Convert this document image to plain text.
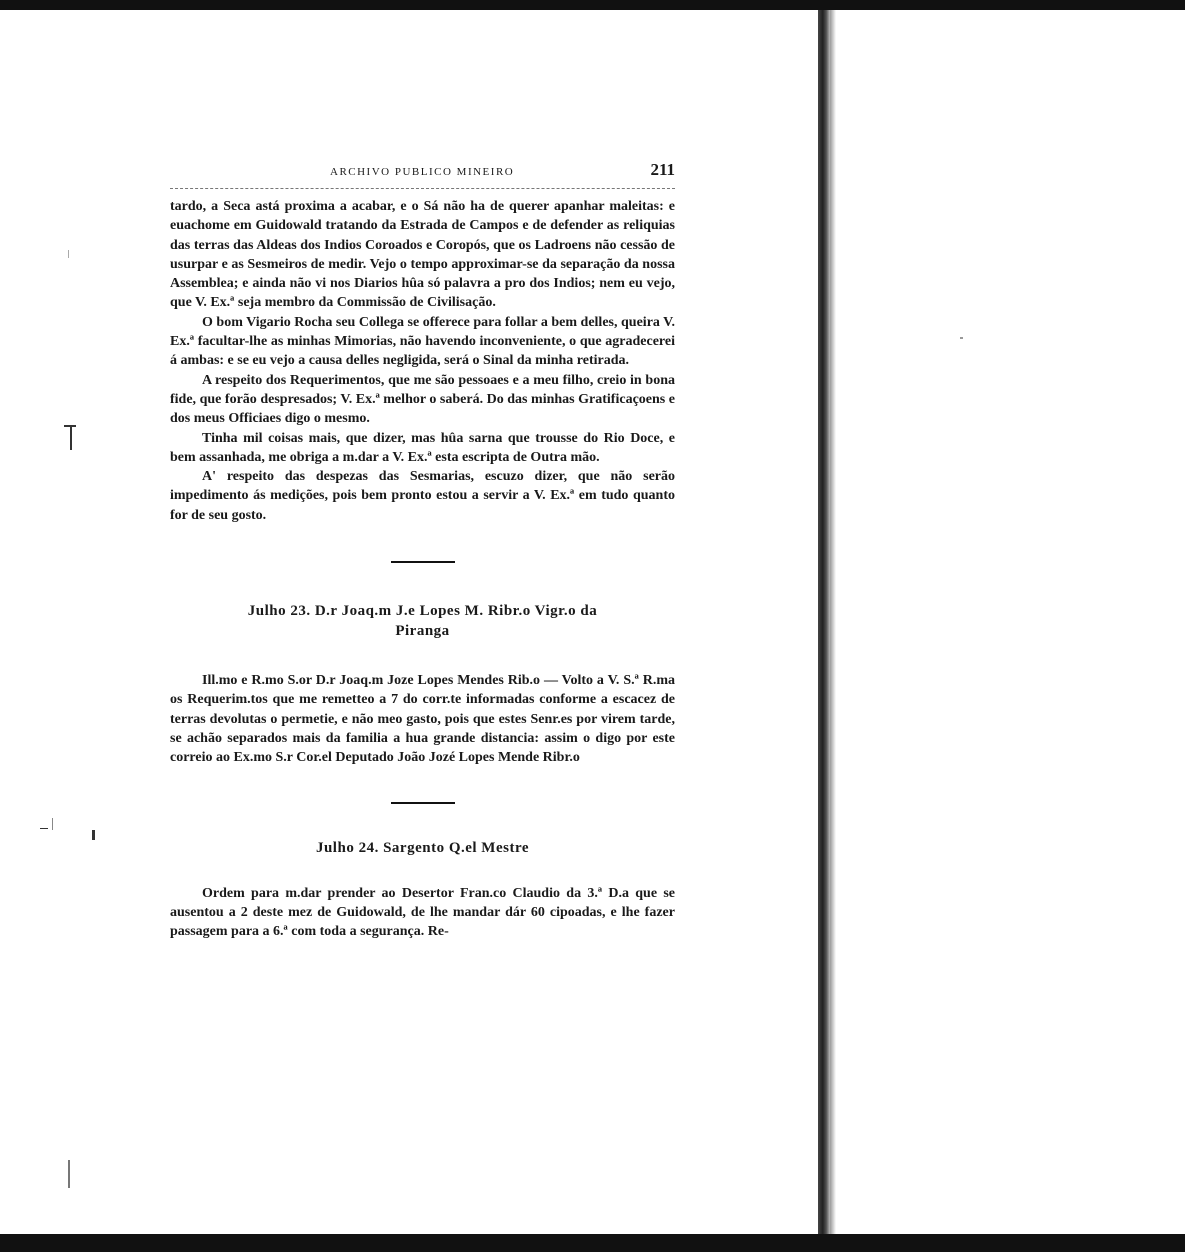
ARCHIVO PUBLICO MINEIRO	211

tardo, a Seca astá proxima a acabar, e o Sá não ha de querer apanhar maleitas: e euachome em Guidowald tratando da Estrada de Campos e de defender as reliquias das terras das Aldeas dos Indios Coroados e Coropós, que os Ladroens não cessão de usurpar e as Sesmeiros de medir. Vejo o tempo approximar-se da separação da nossa Assemblea; e ainda não vi nos Diarios hûa só palavra a pro dos Indios; nem eu vejo, que V. Ex.ª seja membro da Commissão de Civilisação.

O bom Vigario Rocha seu Collega se offerece para follar a bem delles, queira V. Ex.ª facultar-lhe as minhas Mimorias, não havendo inconveniente, o que agradecerei á ambas: e se eu vejo a causa delles negligida, será o Sinal da minha retirada.

A respeito dos Requerimentos, que me são pessoaes e a meu filho, creio in bona fide, que forão despresados; V. Ex.ª melhor o saberá. Do das minhas Gratificaçoens e dos meus Officiaes digo o mesmo.

Tinha mil coisas mais, que dizer, mas hûa sarna que trousse do Rio Doce, e bem assanhada, me obriga a m.dar a V. Ex.ª esta escripta de Outra mão.

A' respeito das despezas das Sesmarias, escuzo dizer, que não serão impedimento ás medições, pois bem pronto estou a servir a V. Ex.ª em tudo quanto for de seu gosto.

Julho 23. D.r Joaq.m J.e Lopes M. Ribr.o Vigr.o da
Piranga

Ill.mo e R.mo S.or D.r Joaq.m Joze Lopes Mendes Rib.o — Volto a V. S.ª R.ma os Requerim.tos que me remetteo a 7 do corr.te informadas conforme a escacez de terras devolutas o permetie, e não meo gasto, pois que estes Senr.es por virem tarde, se achão separados mais da familia a hua grande distancia: assim o digo por este correio ao Ex.mo S.r Cor.el Deputado João Jozé Lopes Mende Ribr.o

Julho 24. Sargento Q.el Mestre

Ordem para m.dar prender ao Desertor Fran.co Claudio da 3.ª D.a que se ausentou a 2 deste mez de Guidowald, de lhe mandar dár 60 cipoadas, e lhe fazer passagem para a 6.ª com toda a segurança. Re-
